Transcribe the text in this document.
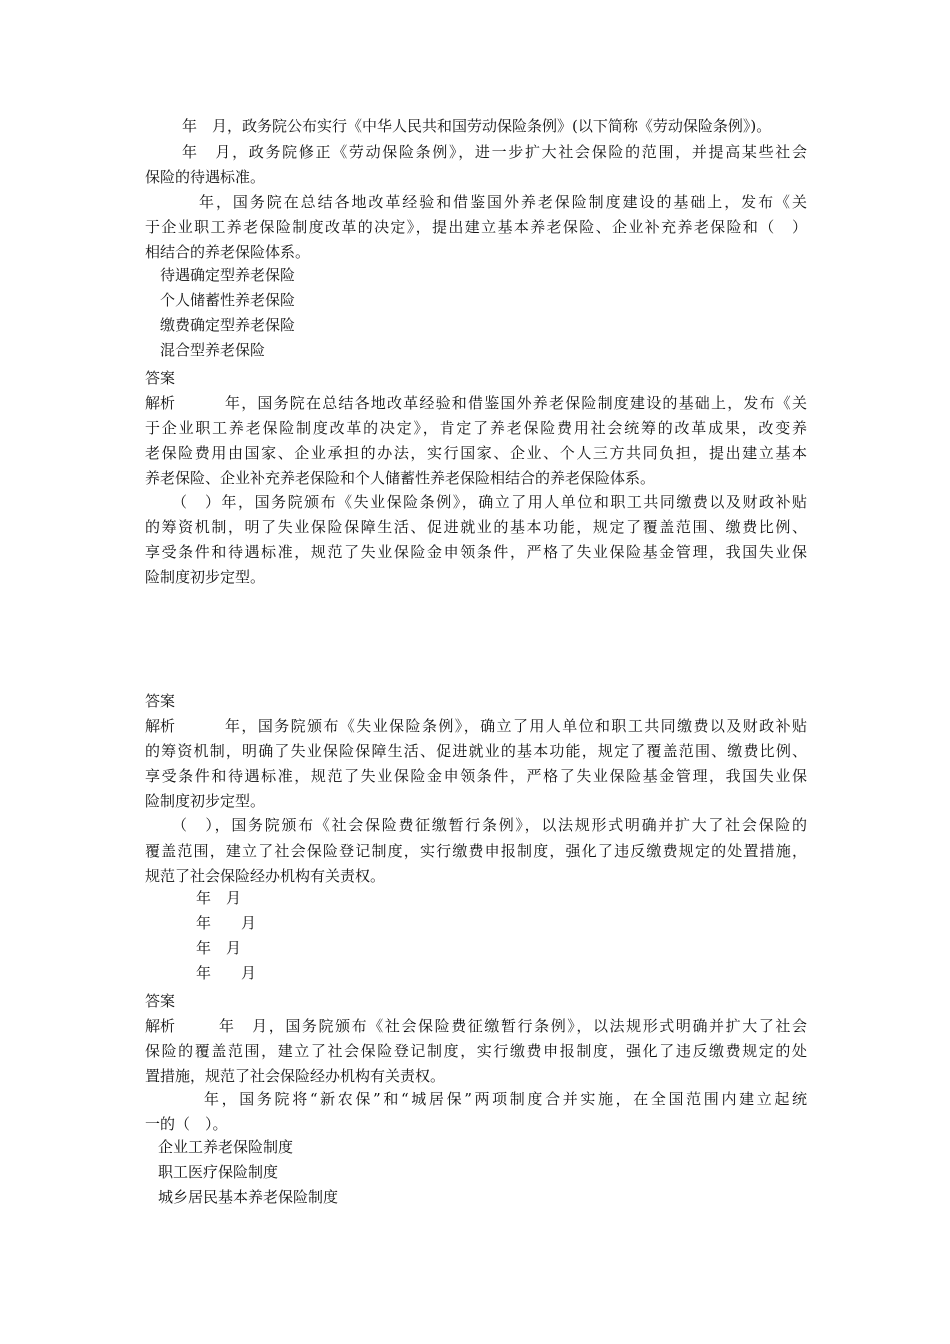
年　月，政务院公布实行《中华人民共和国劳动保险条例》(以下简称《劳动保险条例》)。
年　月，政务院修正《劳动保险条例》，进一步扩大社会保险的范围，并提高某些社会
保险的待遇标准。
年，国务院在总结各地改革经验和借鉴国外养老保险制度建设的基础上，发布《关
于企业职工养老保险制度改革的决定》，提出建立基本养老保险、企业补充养老保险和（　）
相结合的养老保险体系。
待遇确定型养老保险
个人储蓄性养老保险
缴费确定型养老保险
混合型养老保险
答案
解析	年，国务院在总结各地改革经验和借鉴国外养老保险制度建设的基础上，发布《关
于企业职工养老保险制度改革的决定》，肯定了养老保险费用社会统筹的改革成果，改变养
老保险费用由国家、企业承担的办法，实行国家、企业、个人三方共同负担，提出建立基本
养老保险、企业补充养老保险和个人储蓄性养老保险相结合的养老保险体系。
（　）年，国务院颁布《失业保险条例》，确立了用人单位和职工共同缴费以及财政补贴
的筹资机制，明了失业保险保障生活、促进就业的基本功能，规定了覆盖范围、缴费比例、
享受条件和待遇标准，规范了失业保险金申领条件，严格了失业保险基金管理，我国失业保
险制度初步定型。
答案
解析	年，国务院颁布《失业保险条例》，确立了用人单位和职工共同缴费以及财政补贴
的筹资机制，明确了失业保险保障生活、促进就业的基本功能，规定了覆盖范围、缴费比例、
享受条件和待遇标准，规范了失业保险金申领条件，严格了失业保险基金管理，我国失业保
险制度初步定型。
（　），国务院颁布《社会保险费征缴暂行条例》，以法规形式明确并扩大了社会保险的
覆盖范围，建立了社会保险登记制度，实行缴费申报制度，强化了违反缴费规定的处置措施，
规范了社会保险经办机构有关责权。
年　月
年　　月
年　月
年　　月
答案
解析	年　月，国务院颁布《社会保险费征缴暂行条例》，以法规形式明确并扩大了社会
保险的覆盖范围，建立了社会保险登记制度，实行缴费申报制度，强化了违反缴费规定的处
置措施，规范了社会保险经办机构有关责权。
年，国务院将“新农保”和“城居保”两项制度合并实施，在全国范围内建立起统
一的（　）。
企业工养老保险制度
职工医疗保险制度
城乡居民基本养老保险制度
